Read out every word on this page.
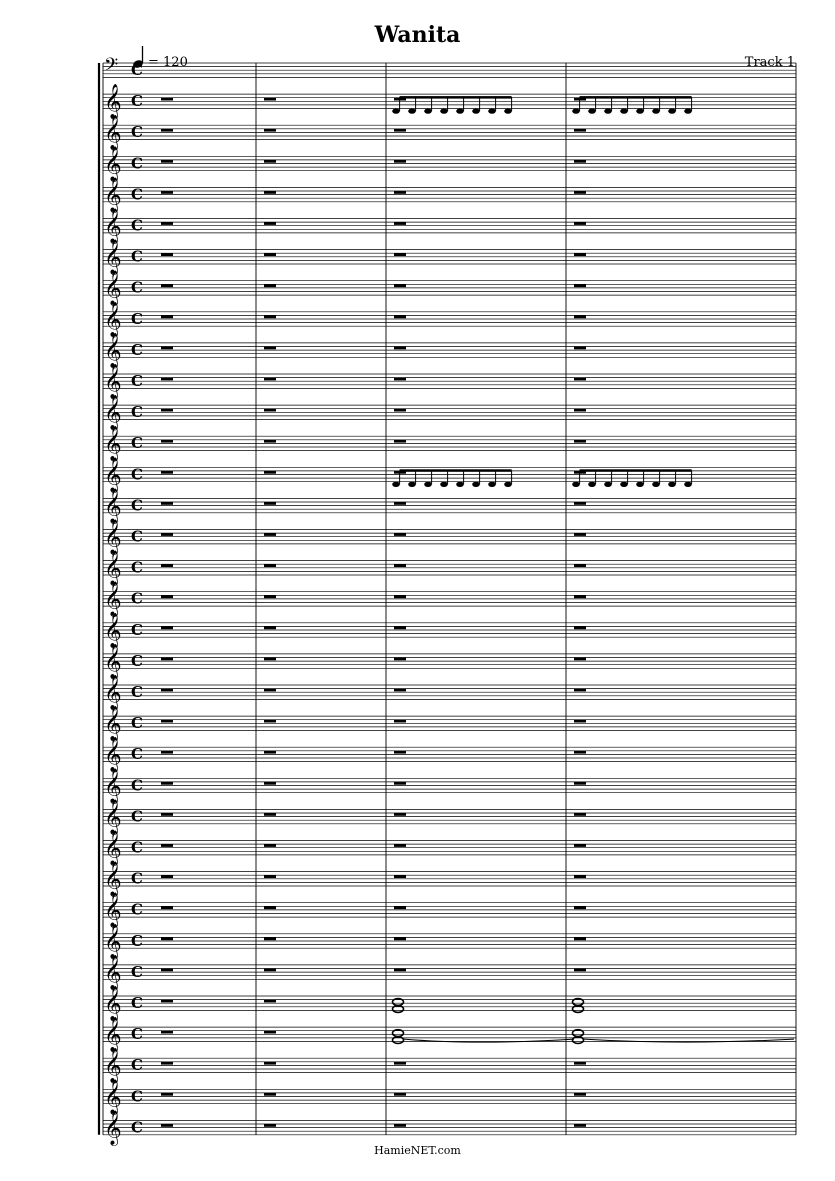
Wanita
= 120	Track 1
𝄢
𝄞
𝄞
𝄞
𝄞
𝄞
𝄞
𝄞
𝄞
𝄞
𝄞
𝄞
𝄞
𝄞
𝄞
𝄞
𝄞
𝄞
𝄞
𝄞
𝄞
𝄞
𝄞
𝄞
𝄞
𝄞
𝄞
𝄞
𝄞
𝄞
𝄞
𝄞
𝄞
𝄞
𝄞
C
C
C
C
C
C
C
C
C
C
C
C
C
C
C
C
C
C
C
C
C
C
C
C
C
C
C
C
C
C
C
C
C
C
C
HamieNET.com
